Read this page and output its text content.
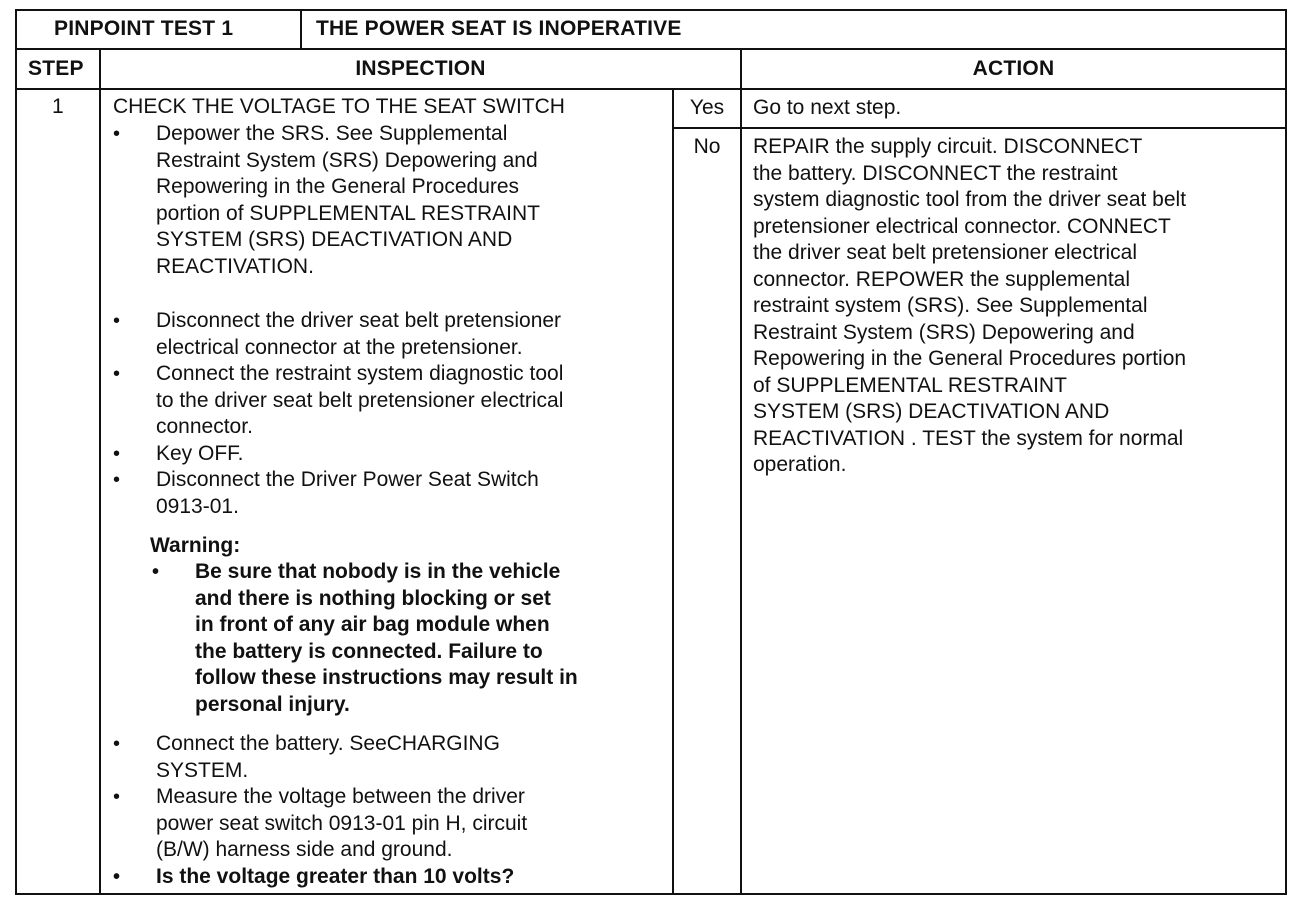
PINPOINT TEST 1	THE POWER SEAT IS INOPERATIVE
STEP	INSPECTION	ACTION
1 CHECK THE VOLTAGE TO THE SEAT SWITCH
• Depower the SRS. See Supplemental
Restraint System (SRS) Depowering and
Repowering in the General Procedures
portion of SUPPLEMENTAL RESTRAINT
SYSTEM (SRS) DEACTIVATION AND
REACTIVATION.
• Disconnect the driver seat belt pretensioner
electrical connector at the pretensioner.
• Connect the restraint system diagnostic tool
to the driver seat belt pretensioner electrical
connector.
• Key OFF.
• Disconnect the Driver Power Seat Switch
0913-01.
Warning:
• Be sure that nobody is in the vehicle
and there is nothing blocking or set
in front of any air bag module when
the battery is connected. Failure to
follow these instructions may result in
personal injury.
• Connect the battery. SeeCHARGING
SYSTEM.
• Measure the voltage between the driver
power seat switch 0913-01 pin H, circuit
(B/W) harness side and ground.
• Is the voltage greater than 10 volts?
Yes	Go to next step.
No	REPAIR the supply circuit. DISCONNECT
the battery. DISCONNECT the restraint
system diagnostic tool from the driver seat belt
pretensioner electrical connector. CONNECT
the driver seat belt pretensioner electrical
connector. REPOWER the supplemental
restraint system (SRS). See Supplemental
Restraint System (SRS) Depowering and
Repowering in the General Procedures portion
of SUPPLEMENTAL RESTRAINT
SYSTEM (SRS) DEACTIVATION AND
REACTIVATION . TEST the system for normal
operation.
